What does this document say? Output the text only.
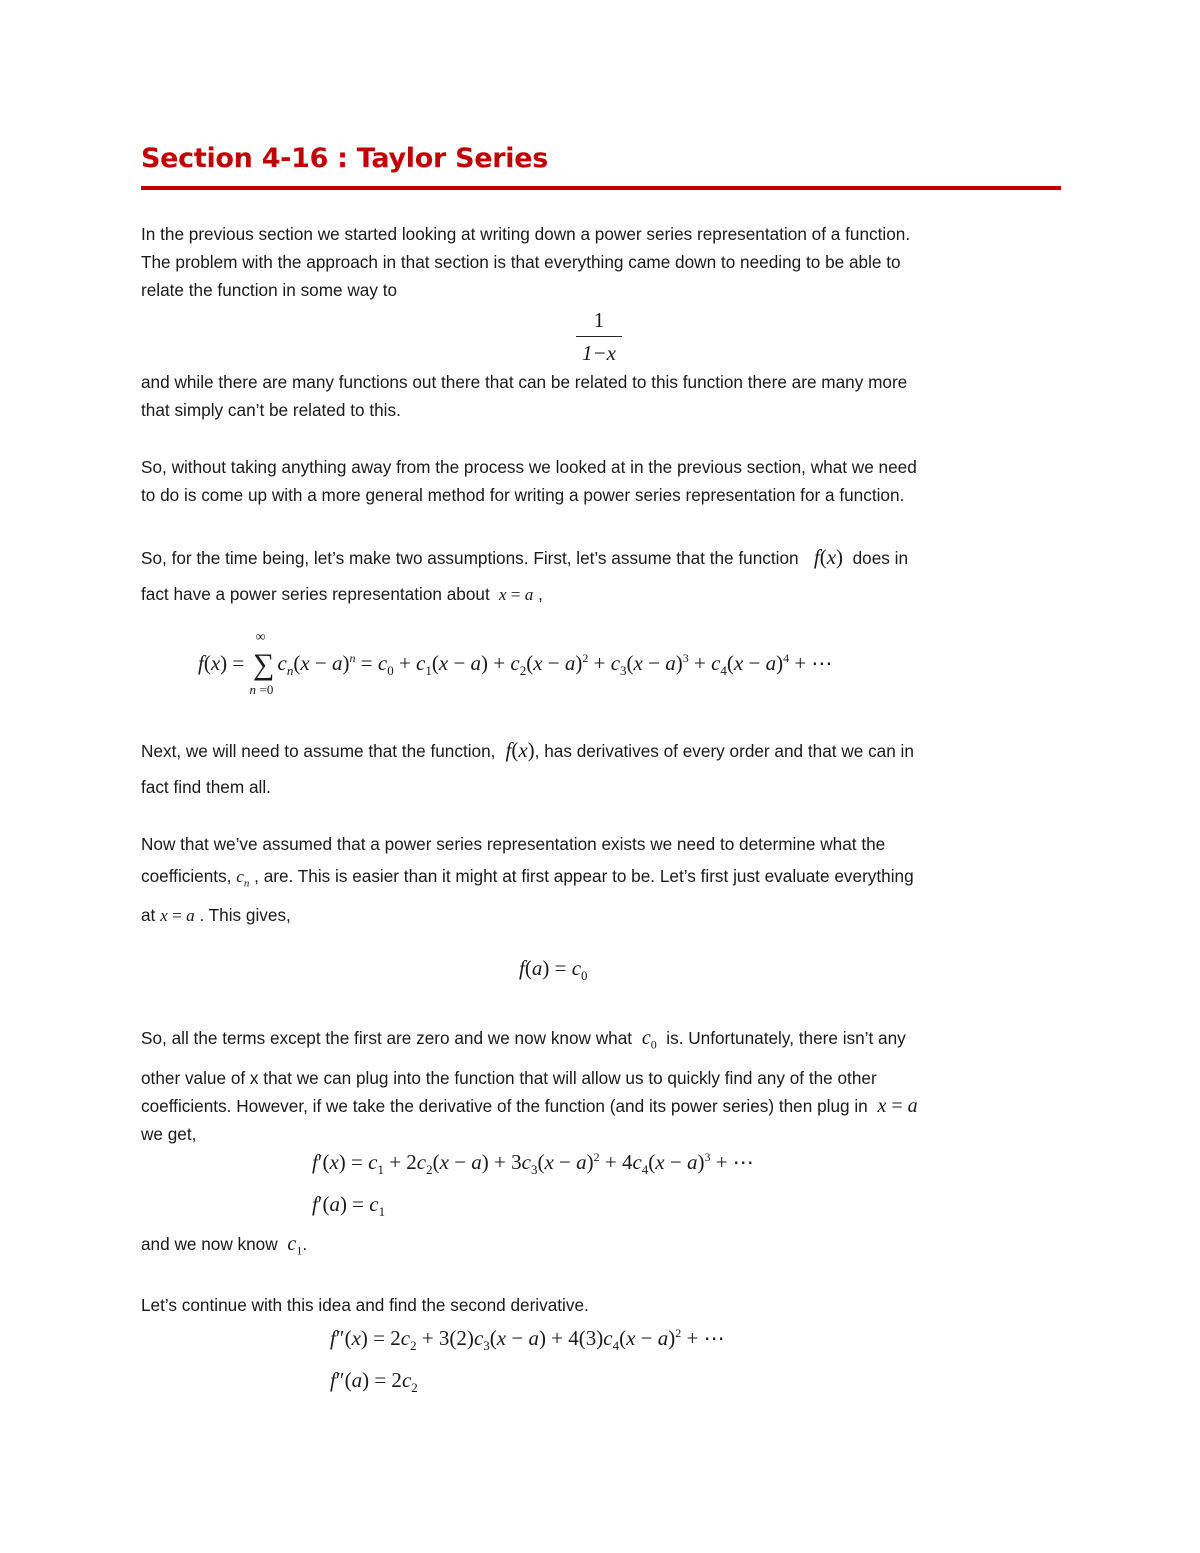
Section 4-16 : Taylor Series
In the previous section we started looking at writing down a power series representation of a function.
The problem with the approach in that section is that everything came down to needing to be able to
relate the function in some way to
1
1−x
and while there are many functions out there that can be related to this function there are many more
that simply can’t be related to this.
So, without taking anything away from the process we looked at in the previous section, what we need
to do is come up with a more general method for writing a power series representation for a function.
So, for the time being, let’s make two assumptions. First, let’s assume that the function   f(x) does in
fact have a power series representation about  x = a ,
f(x) =
∞
∑
n =0
$c_n(x - a)^n = c_0 + c_1(x - a) + c_2(x - a)^2 + c_3(x - a)^3 + c_4(x - a)^4$ + ⋯
Next, we will need to assume that the function,  f(x), has derivatives of every order and that we can in
fact find them all.
Now that we’ve assumed that a power series representation exists we need to determine what the
coefficients, $c_n$ , are. This is easier than it might at first appear to be. Let’s first just evaluate everything
at x = a . This gives,
$f(a) = c_0$
So, all the terms except the first are zero and we now know what  $c_0$ is. Unfortunately, there isn’t any
other value of x that we can plug into the function that will allow us to quickly find any of the other
coefficients. However, if we take the derivative of the function (and its power series) then plug in  x = a
we get,
$f'(x) = c_1 + 2c_2(x - a) + 3c_3(x - a)^2 + 4c_4(x - a)^3$ + ⋯
$f'(a) = c_1$
and we now know  $c_1$.
Let’s continue with this idea and find the second derivative.
$f''(x) = 2c_2 + 3(2)c_3(x - a) + 4(3)c_4(x - a)^2$ + ⋯
$f''(a) = 2c_2$
